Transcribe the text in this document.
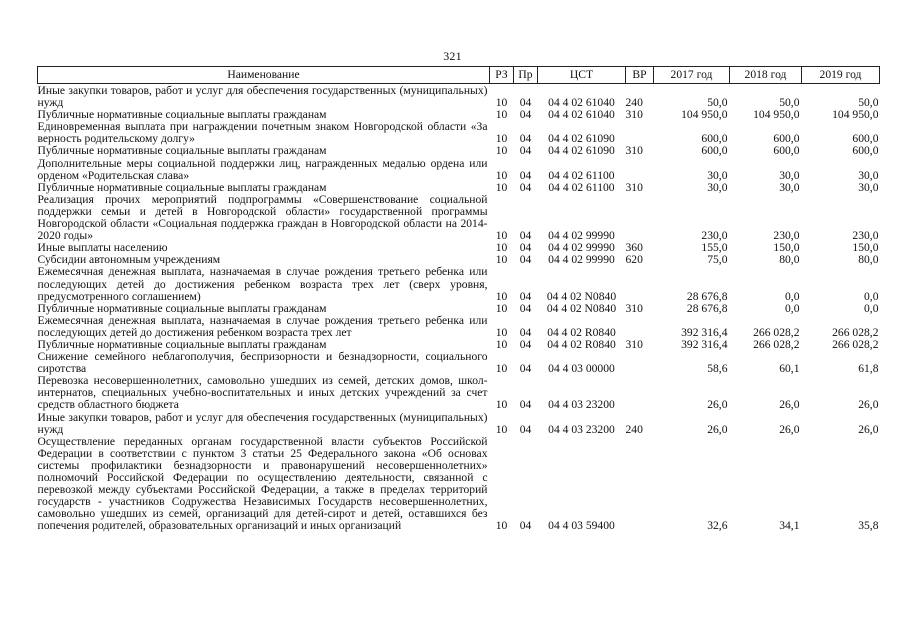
321
Наименование	РЗ	Пр	ЦСТ	ВР	2017 год	2018 год	2019 год
Иные закупки товаров, работ и услуг для обеспечения государственных (муниципальных) нужд	10	04	04 4 02 61040	240	50,0	50,0	50,0
Публичные нормативные социальные выплаты гражданам	10	04	04 4 02 61040	310	104 950,0	104 950,0	104 950,0
Единовременная выплата при награждении почетным знаком Новгородской области «За верность родительскому долгу»	10	04	04 4 02 61090		600,0	600,0	600,0
Публичные нормативные социальные выплаты гражданам	10	04	04 4 02 61090	310	600,0	600,0	600,0
Дополнительные меры социальной поддержки лиц, награжденных медалью ордена или орденом «Родительская слава»	10	04	04 4 02 61100		30,0	30,0	30,0
Публичные нормативные социальные выплаты гражданам	10	04	04 4 02 61100	310	30,0	30,0	30,0
Реализация прочих мероприятий подпрограммы «Совершенствование социальной поддержки семьи и детей в Новгородской области» государственной программы Новгородской области «Социальная поддержка граждан в Новгородской области на 2014-2020 годы»	10	04	04 4 02 99990		230,0	230,0	230,0
Иные выплаты населению	10	04	04 4 02 99990	360	155,0	150,0	150,0
Субсидии автономным учреждениям	10	04	04 4 02 99990	620	75,0	80,0	80,0
Ежемесячная денежная выплата, назначаемая в случае рождения третьего ребенка или последующих детей до достижения ребенком возраста трех лет (сверх уровня, предусмотренного соглашением)	10	04	04 4 02 N0840		28 676,8	0,0	0,0
Публичные нормативные социальные выплаты гражданам	10	04	04 4 02 N0840	310	28 676,8	0,0	0,0
Ежемесячная денежная выплата, назначаемая в случае рождения третьего ребенка или последующих детей до достижения ребенком возраста трех лет	10	04	04 4 02 R0840		392 316,4	266 028,2	266 028,2
Публичные нормативные социальные выплаты гражданам	10	04	04 4 02 R0840	310	392 316,4	266 028,2	266 028,2
Снижение семейного неблагополучия, беспризорности и безнадзорности, социального сиротства	10	04	04 4 03 00000		58,6	60,1	61,8
Перевозка несовершеннолетних, самовольно ушедших из семей, детских домов, школ-интернатов, специальных учебно-воспитательных и иных детских учреждений за счет средств областного бюджета	10	04	04 4 03 23200		26,0	26,0	26,0
Иные закупки товаров, работ и услуг для обеспечения государственных (муниципальных) нужд	10	04	04 4 03 23200	240	26,0	26,0	26,0
Осуществление переданных органам государственной власти субъектов Российской Федерации в соответствии с пунктом 3 статьи 25 Федерального закона «Об основах системы профилактики безнадзорности и правонарушений несовершеннолетних» полномочий Российской Федерации по осуществлению деятельности, связанной с перевозкой между субъектами Российской Федерации, а также в пределах территорий государств - участников Содружества Независимых Государств несовершеннолетних, самовольно ушедших из семей, организаций для детей-сирот и детей, оставшихся без попечения родителей, образовательных организаций и иных организаций	10	04	04 4 03 59400		32,6	34,1	35,8
